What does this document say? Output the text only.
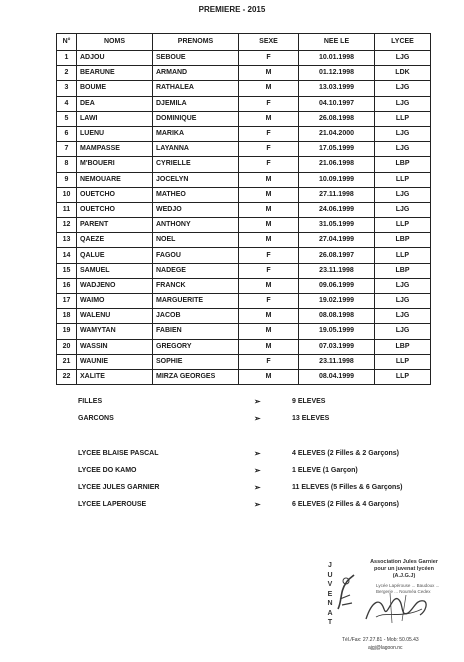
PREMIERE - 2015
N°	NOMS	PRENOMS	SEXE	NEE LE	LYCEE
1	ADJOU	SEBOUE	F	10.01.1998	LJG
2	BEARUNE	ARMAND	M	01.12.1998	LDK
3	BOUME	RATHALEA	M	13.03.1999	LJG
4	DEA	DJEMILA	F	04.10.1997	LJG
5	LAWI	DOMINIQUE	M	26.08.1998	LLP
6	LUENU	MARIKA	F	21.04.2000	LJG
7	MAMPASSE	LAYANNA	F	17.05.1999	LJG
8	M'BOUERI	CYRIELLE	F	21.06.1998	LBP
9	NEMOUARE	JOCELYN	M	10.09.1999	LLP
10	OUETCHO	MATHEO	M	27.11.1998	LJG
11	OUETCHO	WEDJO	M	24.06.1999	LJG
12	PARENT	ANTHONY	M	31.05.1999	LLP
13	QAEZE	NOEL	M	27.04.1999	LBP
14	QALUE	FAGOU	F	26.08.1997	LLP
15	SAMUEL	NADEGE	F	23.11.1998	LBP
16	WADJENO	FRANCK	M	09.06.1999	LJG
17	WAIMO	MARGUERITE	F	19.02.1999	LJG
18	WALENU	JACOB	M	08.08.1998	LJG
19	WAMYTAN	FABIEN	M	19.05.1999	LJG
20	WASSIN	GREGORY	M	07.03.1999	LBP
21	WAUNIE	SOPHIE	F	23.11.1998	LLP
22	XALITE	MIRZA GEORGES	M	08.04.1999	LLP
FILLES	➢	9 ELEVES
GARCONS	➢	13 ELEVES
LYCEE BLAISE PASCAL	➢	4 ELEVES (2 Filles & 2 Garçons)
LYCEE DO KAMO	➢	1 ELEVE (1 Garçon)
LYCEE JULES GARNIER	➢	11 ELEVES (5 Filles & 6 Garçons)
LYCEE LAPEROUSE	➢	6 ELEVES (2 Filles & 4 Garçons)
J
U
V
E
N
A
T
Association Jules Garnier
pour un juvenat lycéen
(A.J.G.J)
Lycée Lapérouse ... Baudoux ... Bergerie ... Nouméa Cedex
Tél./Fax: 27.27.81 - Mob: 50.05.43
ajgj@lagoon.nc
